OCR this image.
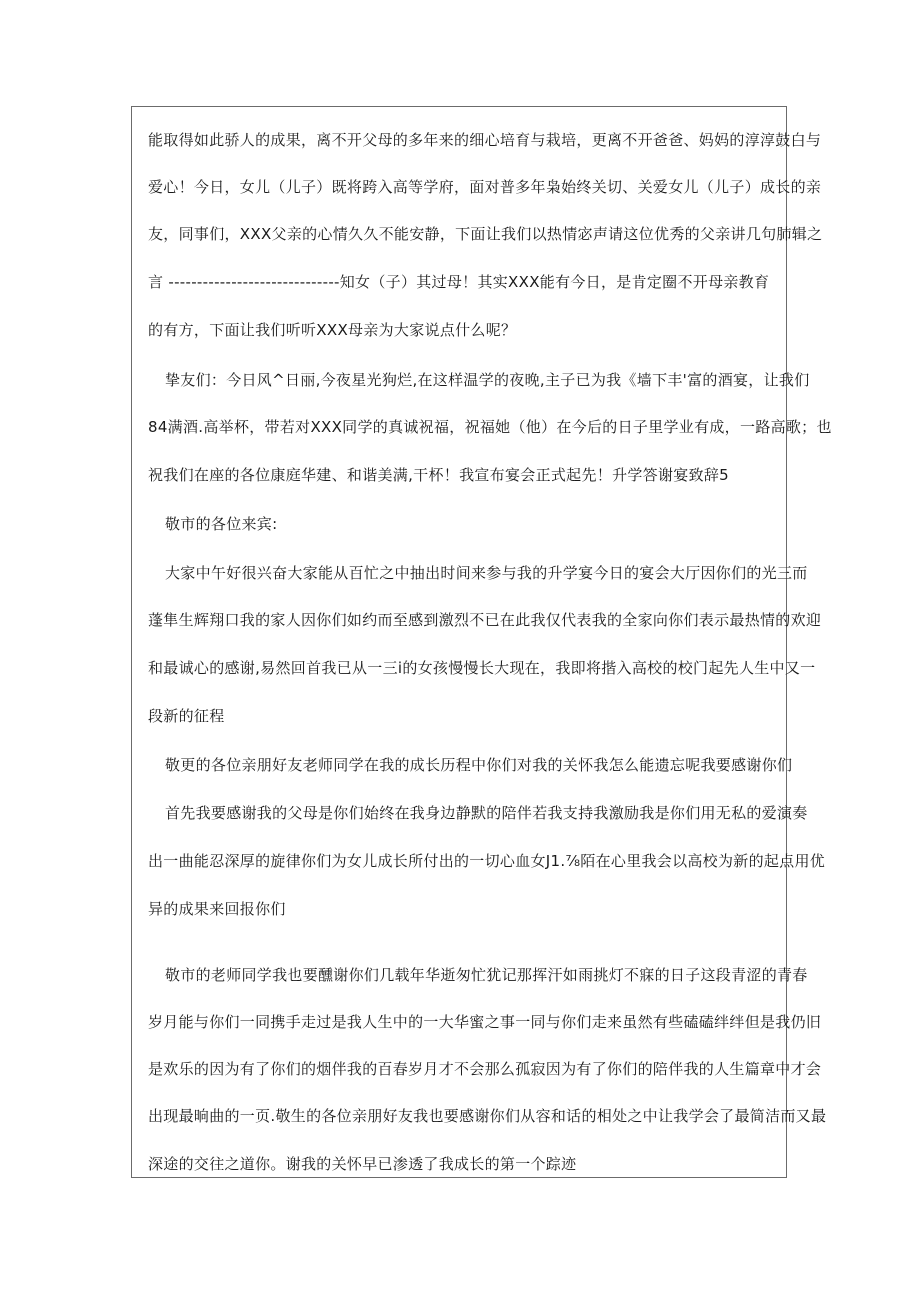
能取得如此骄人的成果，离不开父母的多年来的细心培育与栽培，更离不开爸爸、妈妈的淳淳鼓白与
爱心！今日，女儿（儿子）既将跨入高等学府，面对普多年枭始终关切、关爱女儿（儿子）成长的亲
友，同事们，XXX父亲的心情久久不能安静，下面让我们以热情宓声请这位优秀的父亲讲几句肺辑之
言 ------------------------------知女（子）其过母！其实XXX能有今日，是肯定圈不开母亲教育
的有方，下面让我们听听XXX母亲为大家说点什么呢？
挚友们：今日风^日丽,今夜星光狗烂,在这样温学的夜晚,主子已为我《墙下丰'富的酒宴，让我们
84满酒.高举杯，带若对XXX同学的真诚祝福，祝福她（他）在今后的日子里学业有成，一路高歌；也
祝我们在座的各位康庭华建、和谐美满,干杯！我宣布宴会正式起先！升学答谢宴致辞5
敬市的各位来宾:
大家中午好很兴奋大家能从百忙之中抽出时间来参与我的升学宴今日的宴会大厅因你们的光三而
蓬隼生辉翔口我的家人因你们如约而至感到激烈不已在此我仅代表我的全家向你们表示最热情的欢迎
和最诚心的感谢,易然回首我已从一三i的女孩慢慢长大现在，我即将揩入高校的校门起先人生中又一
段新的征程
敬更的各位亲朋好友老师同学在我的成长历程中你们对我的关怀我怎么能遗忘呢我要感谢你们
首先我要感谢我的父母是你们始终在我身边静默的陪伴若我支持我激励我是你们用无私的爱演奏
出一曲能忍深厚的旋律你们为女儿成长所付出的一切心血女J1.⅞陌在心里我会以高校为新的起点用优
异的成果来回报你们
敬市的老师同学我也要醺谢你们几载年华逝匆忙犹记那挥汗如雨挑灯不寐的日子这段青涩的青春
岁月能与你们一同携手走过是我人生中的一大华蜜之事一同与你们走来虽然有些磕磕绊绊但是我仍旧
是欢乐的因为有了你们的烟伴我的百春岁月才不会那么孤寂因为有了你们的陪伴我的人生篇章中才会
出现最晌曲的一页.敬生的各位亲朋好友我也要感谢你们从容和话的相处之中让我学会了最简洁而又最
深途的交往之道你。谢我的关怀早已渗透了我成长的第一个踪迹
